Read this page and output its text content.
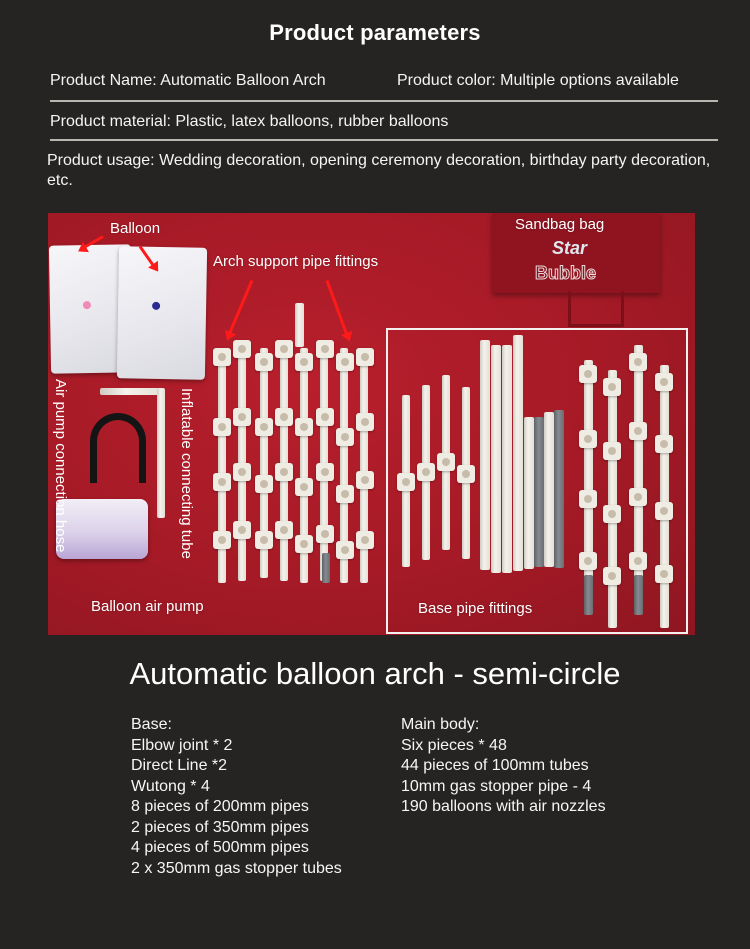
Product parameters
Product Name: Automatic Balloon Arch	Product color: Multiple options available
Product material: Plastic, latex balloons, rubber balloons
Product usage: Wedding decoration, opening ceremony decoration, birthday party decoration, etc.
Balloon
Arch support pipe fittings
Sandbag bag
Star
Bubble
Air pump connection hose	Inflatable connecting tube
Balloon air pump	Base pipe fittings
Automatic balloon arch - semi-circle
Base:
Elbow joint * 2
Direct Line *2
Wutong * 4
8 pieces of 200mm pipes
2 pieces of 350mm pipes
4 pieces of 500mm pipes
2 x 350mm gas stopper tubes
Main body:
Six pieces * 48
44 pieces of 100mm tubes
10mm gas stopper pipe - 4
190 balloons with air nozzles
